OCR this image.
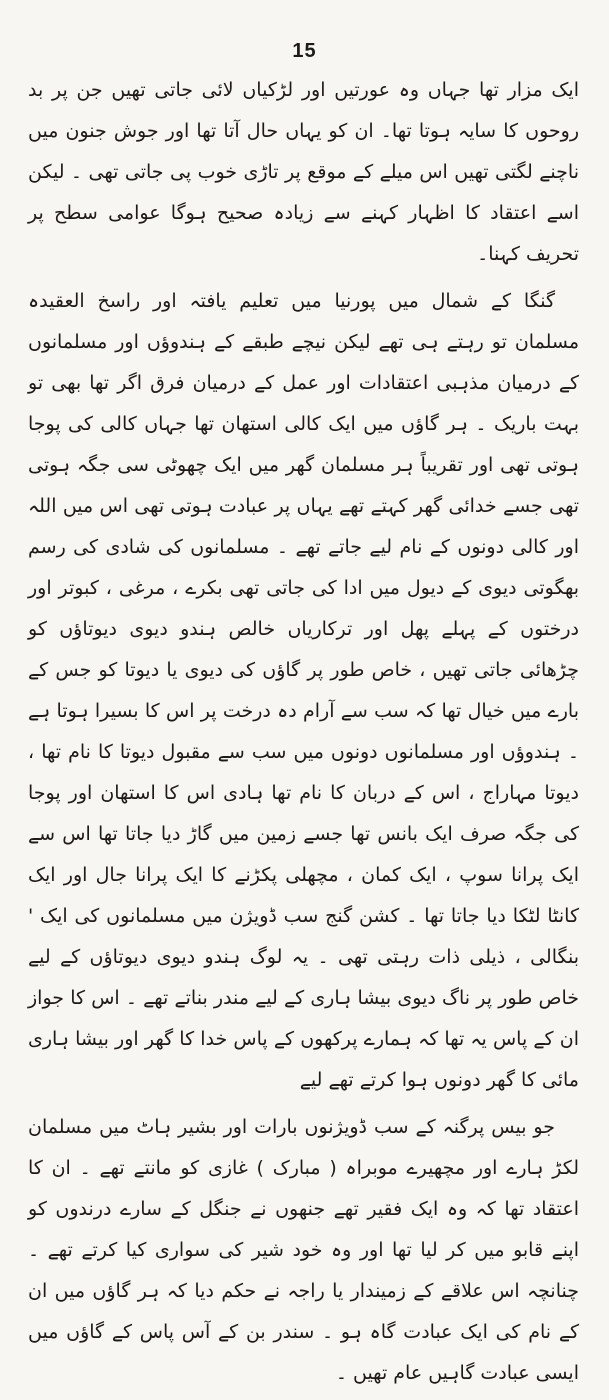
15

ایک مزار تھا جہاں وہ عورتیں اور لڑکیاں لائی جاتی تھیں جن پر بد روحوں کا سایہ ہوتا تھا۔ ان کو یہاں حال آتا تھا اور جوش جنون میں ناچنے لگتی تھیں اس میلے کے موقع پر تاڑی خوب پی جاتی تھی ۔ لیکن اسے اعتقاد کا اظہار کہنے سے زیادہ صحیح ہوگا عوامی سطح پر تحریف کہنا۔

گنگا کے شمال میں پورنیا میں تعلیم یافتہ اور راسخ العقیدہ مسلمان تو رہتے ہی تھے لیکن نیچے طبقے کے ہندوؤں اور مسلمانوں کے درمیان مذہبی اعتقادات اور عمل کے درمیان فرق اگر تھا بھی تو بہت باریک ۔ ہر گاؤں میں ایک کالی استھان تھا جہاں کالی کی پوجا ہوتی تھی اور تقریباً ہر مسلمان گھر میں ایک چھوٹی سی جگہ ہوتی تھی جسے خدائی گھر کہتے تھے یہاں پر عبادت ہوتی تھی اس میں اللہ اور کالی دونوں کے نام لیے جاتے تھے ۔ مسلمانوں کی شادی کی رسم بھگوتی دیوی کے دیول میں ادا کی جاتی تھی بکرے ، مرغی ، کبوتر اور درختوں کے پہلے پھل اور ترکاریاں خالص ہندو دیوی دیوتاؤں کو چڑھائی جاتی تھیں ، خاص طور پر گاؤں کی دیوی یا دیوتا کو جس کے بارے میں خیال تھا کہ سب سے آرام دہ درخت پر اس کا بسیرا ہوتا ہے ۔ ہندوؤں اور مسلمانوں دونوں میں سب سے مقبول دیوتا کا نام تھا ، دیوتا مہاراج ، اس کے دربان کا نام تھا ہادی اس کا استھان اور پوجا کی جگہ صرف ایک بانس تھا جسے زمین میں گاڑ دیا جاتا تھا اس سے ایک پرانا سوپ ، ایک کمان ، مچھلی پکڑنے کا ایک پرانا جال اور ایک کانٹا لٹکا دیا جاتا تھا ۔ کشن گنج سب ڈویژن میں مسلمانوں کی ایک ' بنگالی ، ذیلی ذات رہتی تھی ۔ یہ لوگ ہندو دیوی دیوتاؤں کے لیے خاص طور پر ناگ دیوی بیشا ہاری کے لیے مندر بناتے تھے ۔ اس کا جواز ان کے پاس یہ تھا کہ ہمارے پرکھوں کے پاس خدا کا گھر اور بیشا ہاری مائی کا گھر دونوں ہوا کرتے تھے لیے

جو بیس پرگنہ کے سب ڈویژنوں بارات اور بشیر ہاٹ میں مسلمان لکڑ ہارے اور مچھیرے موبراہ ( مبارک ) غازی کو مانتے تھے ۔ ان کا اعتقاد تھا کہ وہ ایک فقیر تھے جنھوں نے جنگل کے سارے درندوں کو اپنے قابو میں کر لیا تھا اور وہ خود شیر کی سواری کیا کرتے تھے ۔ چنانچہ اس علاقے کے زمیندار یا راجہ نے حکم دیا کہ ہر گاؤں میں ان کے نام کی ایک عبادت گاہ ہو ۔ سندر بن کے آس پاس کے گاؤں میں ایسی عبادت گاہیں عام تھیں ۔
